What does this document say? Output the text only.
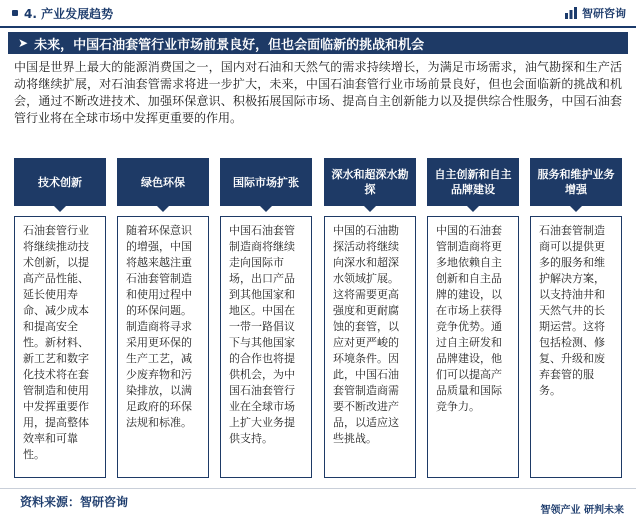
4. 产业发展趋势	智研咨询
➤ 未来，中国石油套管行业市场前景良好，但也会面临新的挑战和机会

中国是世界上最大的能源消费国之一，国内对石油和天然气的需求持续增长，为满足市场需求，油气勘探和生产活动将继续扩展，对石油套管需求将进一步扩大，未来，中国石油套管行业市场前景良好，但也会面临新的挑战和机会，通过不断改进技术、加强环保意识、积极拓展国际市场、提高自主创新能力以及提供综合性服务，中国石油套管行业将在全球市场中发挥更重要的作用。

技术创新
石油套管行业将继续推动技术创新，以提高产品性能、延长使用寿命、减少成本和提高安全性。新材料、新工艺和数字化技术将在套管制造和使用中发挥重要作用，提高整体效率和可靠性。
绿色环保
随着环保意识的增强，中国将越来越注重石油套管制造和使用过程中的环保问题。制造商将寻求采用更环保的生产工艺，减少废弃物和污染排放，以满足政府的环保法规和标准。
国际市场扩张
中国石油套管制造商将继续走向国际市场，出口产品到其他国家和地区。中国在一带一路倡议下与其他国家的合作也将提供机会，为中国石油套管行业在全球市场上扩大业务提供支持。
深水和超深水勘探
中国的石油勘探活动将继续向深水和超深水领域扩展。这将需要更高强度和更耐腐蚀的套管，以应对更严峻的环境条件。因此，中国石油套管制造商需要不断改进产品，以适应这些挑战。
自主创新和自主品牌建设
中国的石油套管制造商将更多地依赖自主创新和自主品牌的建设，以在市场上获得竞争优势。通过自主研发和品牌建设，他们可以提高产品质量和国际竞争力。
服务和维护业务增强
石油套管制造商可以提供更多的服务和维护解决方案，以支持油井和天然气井的长期运营。这将包括检测、修复、升级和废弃套管的服务。
资料来源：智研咨询
智领产业 研判未来
